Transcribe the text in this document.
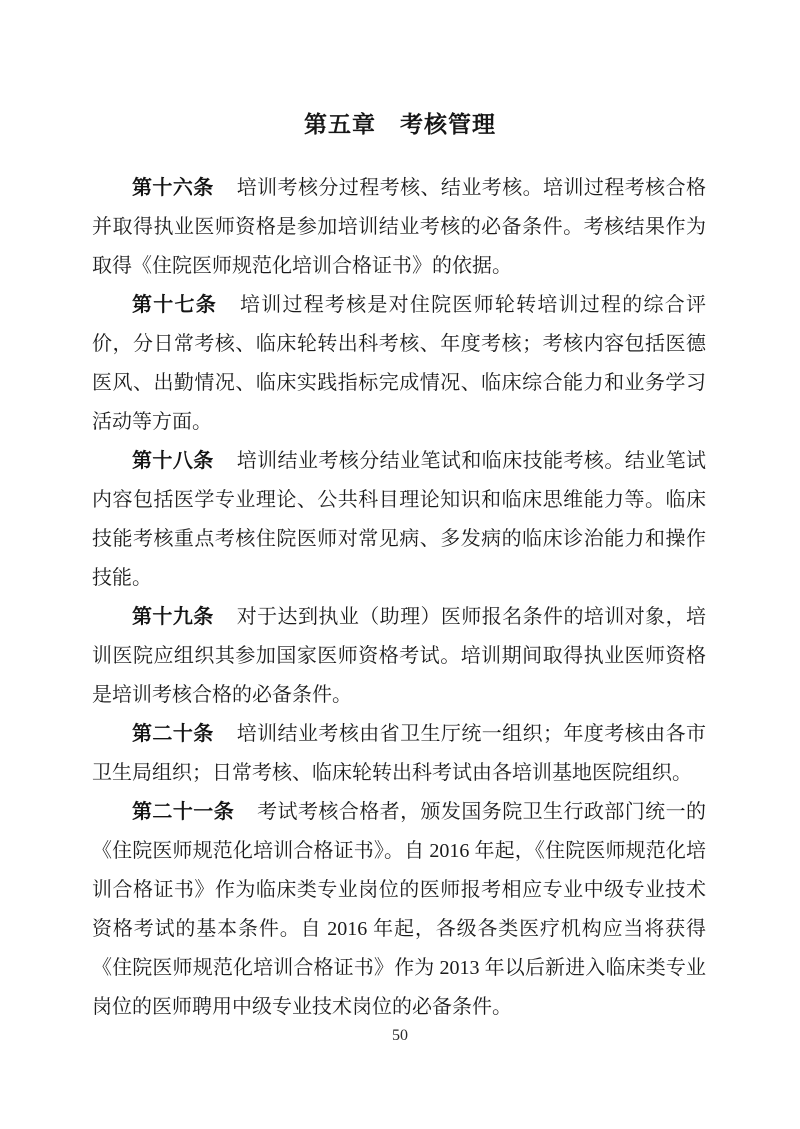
第五章　考核管理

第十六条 培训考核分过程考核、结业考核。培训过程考核合格并取得执业医师资格是参加培训结业考核的必备条件。考核结果作为取得《住院医师规范化培训合格证书》的依据。

第十七条 培训过程考核是对住院医师轮转培训过程的综合评价，分日常考核、临床轮转出科考核、年度考核；考核内容包括医德医风、出勤情况、临床实践指标完成情况、临床综合能力和业务学习活动等方面。

第十八条 培训结业考核分结业笔试和临床技能考核。结业笔试内容包括医学专业理论、公共科目理论知识和临床思维能力等。临床技能考核重点考核住院医师对常见病、多发病的临床诊治能力和操作技能。

第十九条 对于达到执业（助理）医师报名条件的培训对象，培训医院应组织其参加国家医师资格考试。培训期间取得执业医师资格是培训考核合格的必备条件。

第二十条 培训结业考核由省卫生厅统一组织；年度考核由各市卫生局组织；日常考核、临床轮转出科考试由各培训基地医院组织。

第二十一条 考试考核合格者，颁发国务院卫生行政部门统一的《住院医师规范化培训合格证书》。自 2016 年起，《住院医师规范化培训合格证书》作为临床类专业岗位的医师报考相应专业中级专业技术资格考试的基本条件。自 2016 年起，各级各类医疗机构应当将获得《住院医师规范化培训合格证书》作为 2013 年以后新进入临床类专业岗位的医师聘用中级专业技术岗位的必备条件。

50
